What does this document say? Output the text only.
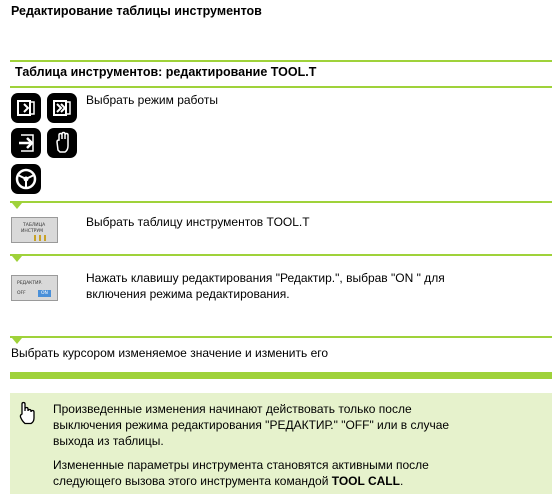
Редактирование таблицы инструментов
Таблица инструментов: редактирование TOOL.T
Выбрать режим работы
ТАБЛИЦА
ИНСТРУМ
Выбрать таблицу инструментов TOOL.T
РЕДАКТИР.
OFF	ON
Нажать клавишу редактирования "Редактир.", выбрав "ON " для
включения режима редактирования.
Выбрать курсором изменяемое значение и изменить его
Произведенные изменения начинают действовать только после
выключения режима редактирования "РЕДАКТИР." "OFF" или в случае
выхода из таблицы.
Измененные параметры инструмента становятся активными после
следующего вызова этого инструмента командой TOOL CALL.
